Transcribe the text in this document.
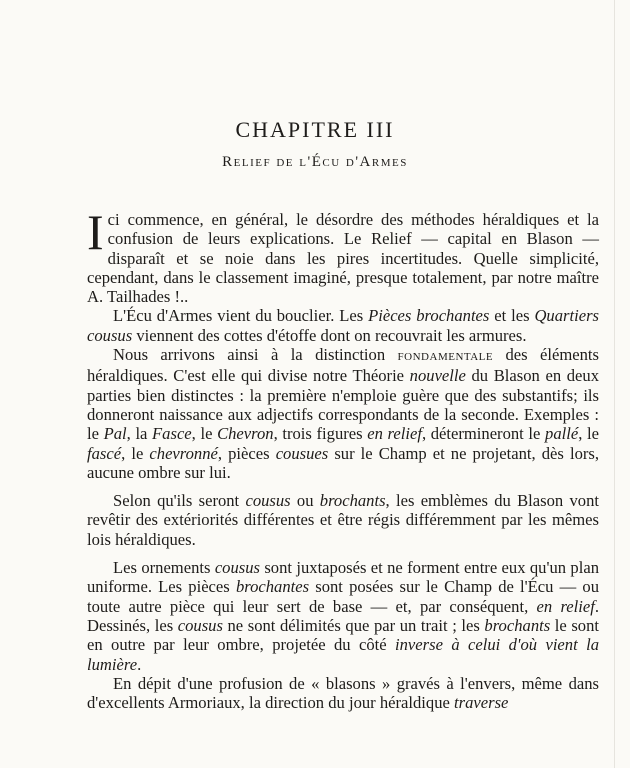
CHAPITRE III
Relief de l'Écu d'Armes

Ici commence, en général, le désordre des méthodes héraldiques et la confusion de leurs explications. Le Relief — capital en Blason — disparaît et se noie dans les pires incertitudes. Quelle simplicité, cependant, dans le classement imaginé, presque totalement, par notre maître A. Tailhades !..

L'Écu d'Armes vient du bouclier. Les Pièces brochantes et les Quartiers cousus viennent des cottes d'étoffe dont on recouvrait les armures.

Nous arrivons ainsi à la distinction fondamentale des éléments héraldiques. C'est elle qui divise notre Théorie nouvelle du Blason en deux parties bien distinctes : la première n'emploie guère que des substantifs; ils donneront naissance aux adjectifs correspondants de la seconde. Exemples : le Pal, la Fasce, le Chevron, trois figures en relief, détermineront le pallé, le fascé, le chevronné, pièces cousues sur le Champ et ne projetant, dès lors, aucune ombre sur lui.

Selon qu'ils seront cousus ou brochants, les emblèmes du Blason vont revêtir des extériorités différentes et être régis différemment par les mêmes lois héraldiques.

Les ornements cousus sont juxtaposés et ne forment entre eux qu'un plan uniforme. Les pièces brochantes sont posées sur le Champ de l'Écu — ou toute autre pièce qui leur sert de base — et, par conséquent, en relief. Dessinés, les cousus ne sont délimités que par un trait ; les brochants le sont en outre par leur ombre, projetée du côté inverse à celui d'où vient la lumière.

En dépit d'une profusion de « blasons » gravés à l'envers, même dans d'excellents Armoriaux, la direction du jour héraldique traverse
